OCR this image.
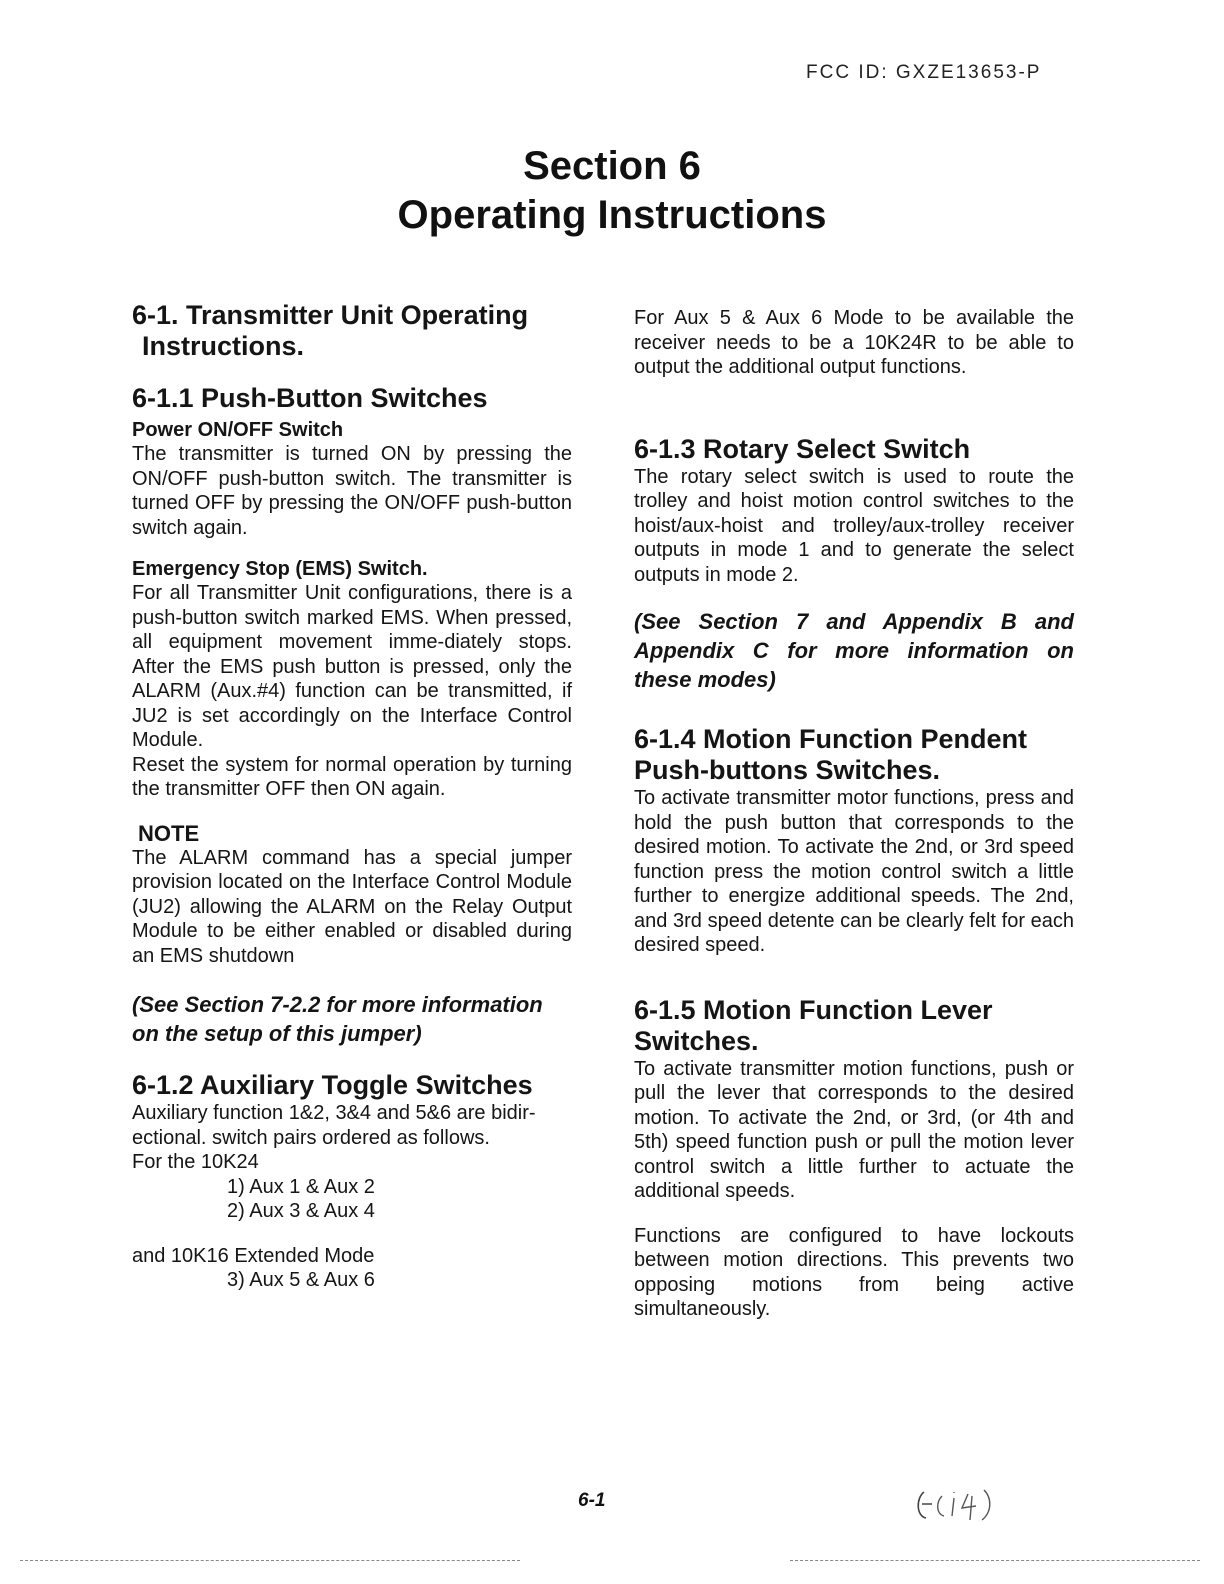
FCC ID: GXZE13653-P
Section 6
Operating Instructions
6-1. Transmitter Unit Operating
Instructions.
6-1.1 Push-Button Switches
Power ON/OFF Switch

The transmitter is turned ON by pressing the ON/OFF push-button switch. The transmitter is turned OFF by pressing the ON/OFF push-button switch again.

Emergency Stop (EMS) Switch.

For all Transmitter Unit configurations, there is a push-button switch marked EMS. When pressed, all equipment movement imme-diately stops. After the EMS push button is pressed, only the ALARM (Aux.#4) function can be transmitted, if JU2 is set accordingly on the Interface Control Module.

Reset the system for normal operation by turning the transmitter OFF then ON again.

NOTE

The ALARM command has a special jumper provision located on the Interface Control Module (JU2) allowing the ALARM on the Relay Output Module to be either enabled or disabled during an EMS shutdown

(See Section 7-2.2 for more information on the setup of this jumper)

6-1.2 Auxiliary Toggle Switches

Auxiliary function 1&2, 3&4 and 5&6 are bidir-ectional. switch pairs ordered as follows.

For the 10K24

1) Aux 1 & Aux 2

2) Aux 3 & Aux 4

and 10K16 Extended Mode

3) Aux 5 & Aux 6

For Aux 5 & Aux 6 Mode to be available the receiver needs to be a 10K24R to be able to output the additional output functions.

6-1.3 Rotary Select Switch

The rotary select switch is used to route the trolley and hoist motion control switches to the hoist/aux-hoist and trolley/aux-trolley receiver outputs in mode 1 and to generate the select outputs in mode 2.

(See Section 7 and Appendix B and Appendix C for more information on these modes)

6-1.4 Motion Function Pendent
Push-buttons Switches.

To activate transmitter motor functions, press and hold the push button that corresponds to the desired motion. To activate the 2nd, or 3rd speed function press the motion control switch a little further to energize additional speeds. The 2nd, and 3rd speed detente can be clearly felt for each desired speed.

6-1.5 Motion Function Lever
Switches.

To activate transmitter motion functions, push or pull the lever that corresponds to the desired motion. To activate the 2nd, or 3rd, (or 4th and 5th) speed function push or pull the motion lever control switch a little further to actuate the additional speeds.

Functions are configured to have lockouts between motion directions. This prevents two opposing motions from being active simultaneously.

6-1
